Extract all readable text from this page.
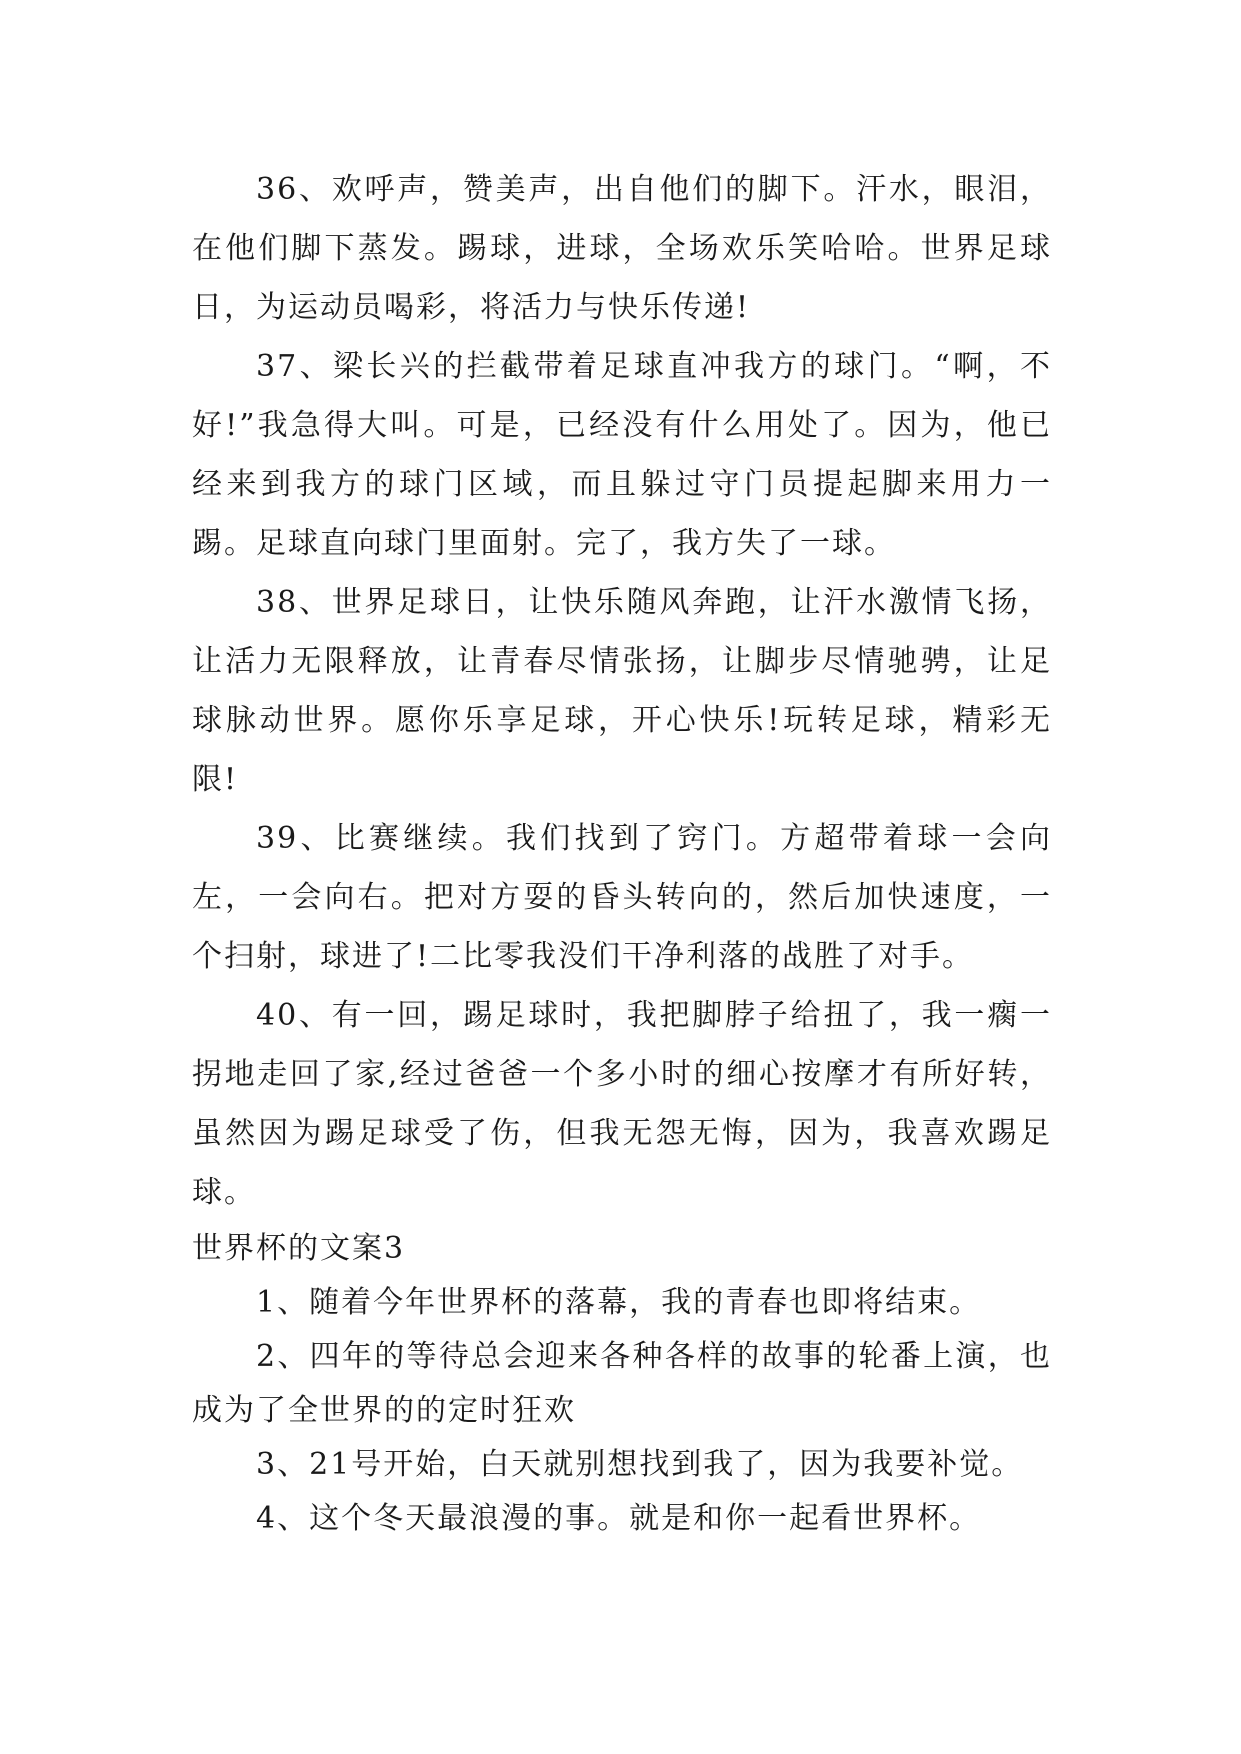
36、欢呼声，赞美声，出自他们的脚下。汗水，眼泪，在他们脚下蒸发。踢球，进球，全场欢乐笑哈哈。世界足球日，为运动员喝彩，将活力与快乐传递!

37、梁长兴的拦截带着足球直冲我方的球门。“啊，不好!”我急得大叫。可是，已经没有什么用处了。因为，他已经来到我方的球门区域，而且躲过守门员提起脚来用力一踢。足球直向球门里面射。完了，我方失了一球。

38、世界足球日，让快乐随风奔跑，让汗水激情飞扬，让活力无限释放，让青春尽情张扬，让脚步尽情驰骋，让足球脉动世界。愿你乐享足球，开心快乐!玩转足球，精彩无限!

39、比赛继续。我们找到了窍门。方超带着球一会向左，一会向右。把对方耍的昏头转向的，然后加快速度，一个扫射，球进了!二比零我没们干净利落的战胜了对手。

40、有一回，踢足球时，我把脚脖子给扭了，我一瘸一拐地走回了家,经过爸爸一个多小时的细心按摩才有所好转，虽然因为踢足球受了伤，但我无怨无悔，因为，我喜欢踢足球。

世界杯的文案3

1、随着今年世界杯的落幕，我的青春也即将结束。

2、四年的等待总会迎来各种各样的故事的轮番上演，也成为了全世界的的定时狂欢

3、21号开始，白天就别想找到我了，因为我要补觉。

4、这个冬天最浪漫的事。就是和你一起看世界杯。
